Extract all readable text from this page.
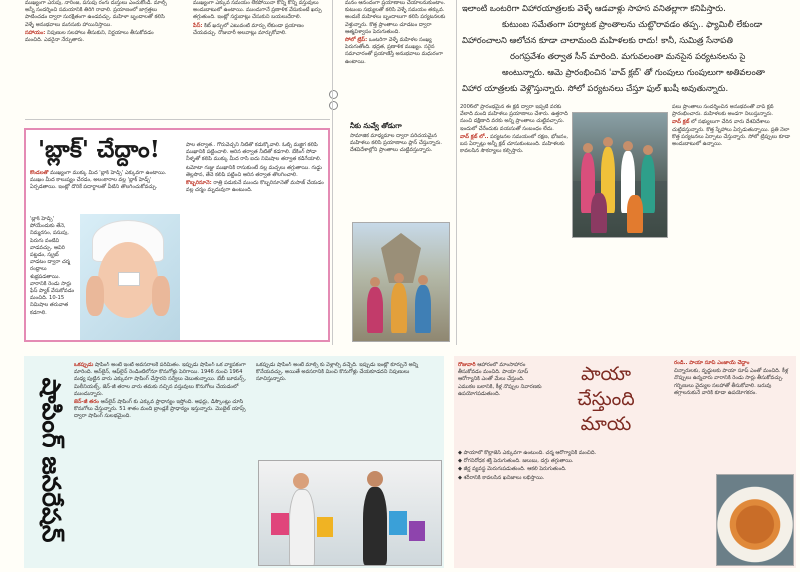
ముఖ్యంగా ఎరుపు, నారింజ, పసుపు రంగు దుస్తులు ఎంచుకోండి. మాల్స్ అన్నీ సందర్శించి సమయానికి తిరిగి రావాలి. ప్రయాణంలో జాగ్రత్తలు పాటించడం ద్వారా సురక్షితంగా ఉండవచ్చు. మహిళా బృందాలతో కలిసి వెళ్ళే అనుభవాలు మనసుకు హాయినిస్తాయి.

సహాయం: నిపుణుల సలహాలు తీసుకుని, నిర్ణయాలు తీసుకోవడం మంచిది. ఎవరైనా నేర్పుతారు.

ముఖ్యంగా ఎక్కువ సమయం లేకపోయినా కొన్ని కొన్ని వస్తువులు అందుబాటులో ఉంటాయి. ముందుగానే ప్రణాళిక వేసుకుంటే ఖర్చు తగ్గుతుంది. ఇంట్లో సర్దుబాట్లు చేసుకుని బయలుదేరాలి.

పేస్: కిట్ ఖర్చులో ఎటువంటి మార్పు లేకుండా ప్రయాణం చేయవచ్చు. రోజువారీ అలవాట్లు మార్చుకోవాలి.

'బ్లాక్' చేద్దాం!

కొండలతో ముఖ్యంగా ముక్కు మీద 'బ్లాక్ హెడ్స్' ఎక్కువగా ఉంటాయి. ముఖం మీద కాలుష్యం చేరడం, అలంకారాల వల్ల 'బ్లాక్ హెడ్స్' ఏర్పడతాయి. ఇంట్లో దొరికే పదార్థాలతో వీటిని తొలగించుకోవచ్చు.

'బ్లాక్ హెడ్స్' పోయేందుకు తేనె, నిమ్మరసం, పసుపు, పెరుగు వంటివి వాడవచ్చు. ఆవిరి పట్టడం, స్క్రబ్ వాడటం ద్వారా చర్మ రంధ్రాలు శుభ్రపడతాయి. వారానికి రెండు సార్లు ఫేస్ ప్యాక్ వేసుకోవడం మంచిది. 10-15 నిమిషాల తరువాత కడగాలి.

పాల తర్వాత.. గోరువెచ్చని నీటితో కడుక్కోవాలి. ఓట్స్ మజ్జిగ కలిపి ముఖానికి పట్టించాలి. ఆరిన తర్వాత నీటితో కడగాలి. బేకింగ్ సోడా నీళ్ళతో కలిపి ముక్కు మీద రాసి ఐదు నిమిషాల తర్వాత కడిగేయాలి.

టమోటా గుజ్జు ముఖానికి రాసుకుంటే నల్ల మచ్చలు తగ్గుతాయి. గుడ్డు తెల్లసొన, తేనె కలిపి పట్టించి ఆరిన తర్వాత తొలగించాలి.

కొబ్బరినూనె: రాత్రి పడుకునే ముందు కొబ్బరినూనెతో మసాజ్ చేయడం వల్ల చర్మం మృదువుగా ఉంటుంది.

మనం ఆనందంగా ప్రయాణాలు చేయాలనుకుంటాం. కుటుంబ సభ్యులతో కలిసి వెళ్ళే సమయం తక్కువ. అందుకే మహిళలు బృందాలుగా కలిసి పర్యటనలకు వెళ్తున్నారు. కొత్త ప్రాంతాలు చూడటం ద్వారా ఆత్మవిశ్వాసం పెరుగుతుంది.

సోలో ట్రిప్: ఒంటరిగా వెళ్ళే మహిళల సంఖ్య పెరుగుతోంది. భద్రత, ప్రణాళిక ముఖ్యం. సరైన సమాచారంతో ప్రయాణిస్తే అనుభవాలు మధురంగా ఉంటాయి.

నీకు నువ్వే తోడుగా

సామాజిక మాధ్యమాల ద్వారా పరిచయమైన మహిళలు కలిసి ప్రయాణాలు ప్లాన్ చేస్తున్నారు. దేశవిదేశాల్లోని ప్రాంతాలు చుట్టివస్తున్నారు.

ఇలాంటి ఒంటరిగా విహారయాత్రలకు వెళ్ళే ఆడవాళ్లు సాహస వనితల్లాగా కనిపిస్తారు.
కుటుంబ సమేతంగా పర్యాటక ప్రాంతాలను చుట్టొరావడం తప్ప.. ఫ్యామిలీ లేకుండా
విహారంచాలని ఆలోచన కూడా చాలామంది మహిళలకు రాదు! కానీ, సుమిత్ర సేనాపతి
రంగప్రవేశం తర్వాత సీన్ మారింది. మగువలంతా మనసైన పర్యటనలను సై
అంటున్నారు. ఆమె ప్రారంభించిన 'వావ్ క్లబ్' తో గుంపులు గుంపులుగా అతివలంతా
విహార యాత్రలకు వెళ్లొస్తున్నారు. సోలో పర్యటనలు చేస్తూ ఫుల్ ఖుషీ అవుతున్నారు.

2006లో ప్రారంభమైన ఈ క్లబ్ ద్వారా ఇప్పటి వరకు వేలాది మంది మహిళలు ప్రయాణాలు చేశారు. ఉత్తరాది నుంచి దక్షిణాది వరకు అన్ని ప్రాంతాలు చుట్టివచ్చారు. ఇందులో చేరేందుకు వయసుతో సంబంధం లేదు.

వావ్ క్లబ్ లో.. పర్యటనల సమయంలో రక్షణ, భోజనం, బస ఏర్పాట్లు అన్నీ క్లబ్ చూసుకుంటుంది. మహిళలకు కావలసిన సౌకర్యాలు కల్పిస్తారు.

పలు ప్రాంతాలు సందర్శించిన అనుభవంతో వావ్ క్లబ్ ప్రారంభించారు. మహిళలకు అండగా నిలుస్తున్నారు.

వావ్ క్లబ్ లో సభ్యులుగా చేరిన వారు దేశవిదేశాలు చుట్టివస్తున్నారు. కొత్త స్నేహాలు ఏర్పడుతున్నాయి. ప్రతి నెలా కొత్త పర్యటనలు ఏర్పాటు చేస్తున్నారు. సోలో ట్రిప్పులు కూడా అందుబాటులో ఉన్నాయి.

షాపింగ్ జనరేషన్

ఒకప్పుడు షాపింగ్ అంటే ఇంటి అవసరాలకే పరిమితం. ఇప్పుడు షాపింగ్ ఒక వ్యాపకంగా మారింది. ఆన్‌లైన్, ఆఫ్‌లైన్ రెండింటిలోనూ కొనుగోళ్లు పెరిగాయి. 1946 నుంచి 1964 మధ్య పుట్టిన వారు ఎక్కువగా షాపింగ్ చేస్తారని సర్వేలు చెబుతున్నాయి. బేబీ బూమర్స్, మిలీనియల్స్, జెన్-జీ తరాల వారు తమకు నచ్చిన వస్తువులు కొనుగోలు చేయడంలో ముందున్నారు.

జెన్-జీ తరం ఆన్‌లైన్ షాపింగ్ కు ఎక్కువ ప్రాధాన్యం ఇస్తోంది. ఆఫర్లు, డిస్కౌంట్లు చూసి కొనుగోలు చేస్తున్నారు. 51 శాతం మంది బ్రాండ్లకే ప్రాధాన్యం ఇస్తున్నారు. మొబైల్ యాప్స్ ద్వారా షాపింగ్ సులభమైంది.

ఒకప్పుడు షాపింగ్ అంటే మాల్స్ కు వెళ్లాల్సి వచ్చేది. ఇప్పుడు ఇంట్లో కూర్చునే అన్నీ కొనేయవచ్చు. అయితే అవసరానికి మించి కొనుగోళ్లు చేయకూడదని నిపుణులు సూచిస్తున్నారు.

రోజువారీ ఆహారంలో మాంసాహారం తీసుకోవడం మంచిది. పాయా సూప్ ఆరోగ్యానికి ఎంతో మేలు చేస్తుంది. ఎముకల బలానికి, కీళ్ల నొప్పుల నివారణకు ఉపయోగపడుతుంది.

పాయా
చేస్తుంది
మాయ

◆ పాయాలో కొల్లాజెన్ ఎక్కువగా ఉంటుంది. చర్మ ఆరోగ్యానికి మంచిది.

◆ రోగనిరోధక శక్తి పెరుగుతుంది. జలుబు, దగ్గు తగ్గుతాయి.

◆ జీర్ణ వ్యవస్థ మెరుగుపడుతుంది. ఆకలి పెరుగుతుంది.

◆ శరీరానికి కావలసిన ఖనిజాలు లభిస్తాయి.

రండి.. పాయా సూప్ ఎంజాయ్ చేద్దాం

చిన్నారులకు, వృద్ధులకు పాయా సూప్ ఎంతో మంచిది. కీళ్ల నొప్పులు ఉన్నవారు వారానికి రెండు సార్లు తీసుకోవచ్చు. గర్భిణులు వైద్యుల సలహాతో తీసుకోవాలి. బరువు తగ్గాలనుకునే వారికి కూడా ఉపయోగకరం.
